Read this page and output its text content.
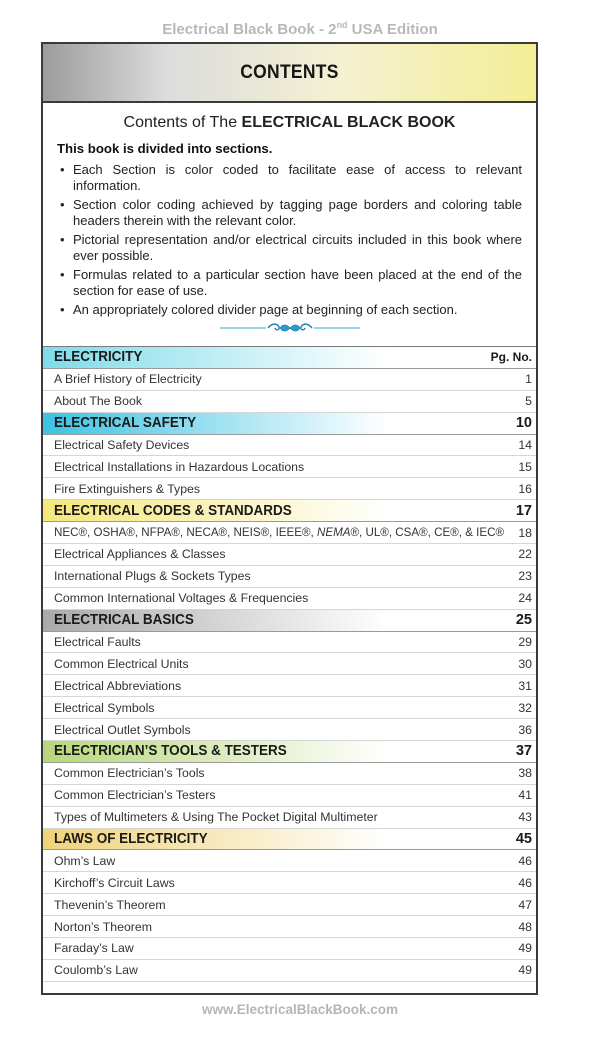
Electrical Black Book - 2nd USA Edition
CONTENTS
Contents of The ELECTRICAL BLACK BOOK
This book is divided into sections.
• Each Section is color coded to facilitate ease of access to relevant information.
• Section color coding achieved by tagging page borders and coloring table headers therein with the relevant color.
• Pictorial representation and/or electrical circuits included in this book where ever possible.
• Formulas related to a particular section have been placed at the end of the section for ease of use.
• An appropriately colored divider page at beginning of each section.
ELECTRICITY	Pg. No.
A Brief History of Electricity	1
About The Book	5
ELECTRICAL SAFETY	10
Electrical Safety Devices	14
Electrical Installations in Hazardous Locations	15
Fire Extinguishers & Types	16
ELECTRICAL CODES & STANDARDS	17
NEC®, OSHA®, NFPA®, NECA®, NEIS®, IEEE®, NEMA®, UL®, CSA®, CE®, & IEC®	18
Electrical Appliances & Classes	22
International Plugs & Sockets Types	23
Common International Voltages & Frequencies	24
ELECTRICAL BASICS	25
Electrical Faults	29
Common Electrical Units	30
Electrical Abbreviations	31
Electrical Symbols	32
Electrical Outlet Symbols	36
ELECTRICIAN’S TOOLS & TESTERS	37
Common Electrician’s Tools	38
Common Electrician’s Testers	41
Types of Multimeters & Using The Pocket Digital Multimeter	43
LAWS OF ELECTRICITY	45
Ohm’s Law	46
Kirchoff’s Circuit Laws	46
Thevenin’s Theorem	47
Norton’s Theorem	48
Faraday’s Law	49
Coulomb’s Law	49
www.ElectricalBlackBook.com
